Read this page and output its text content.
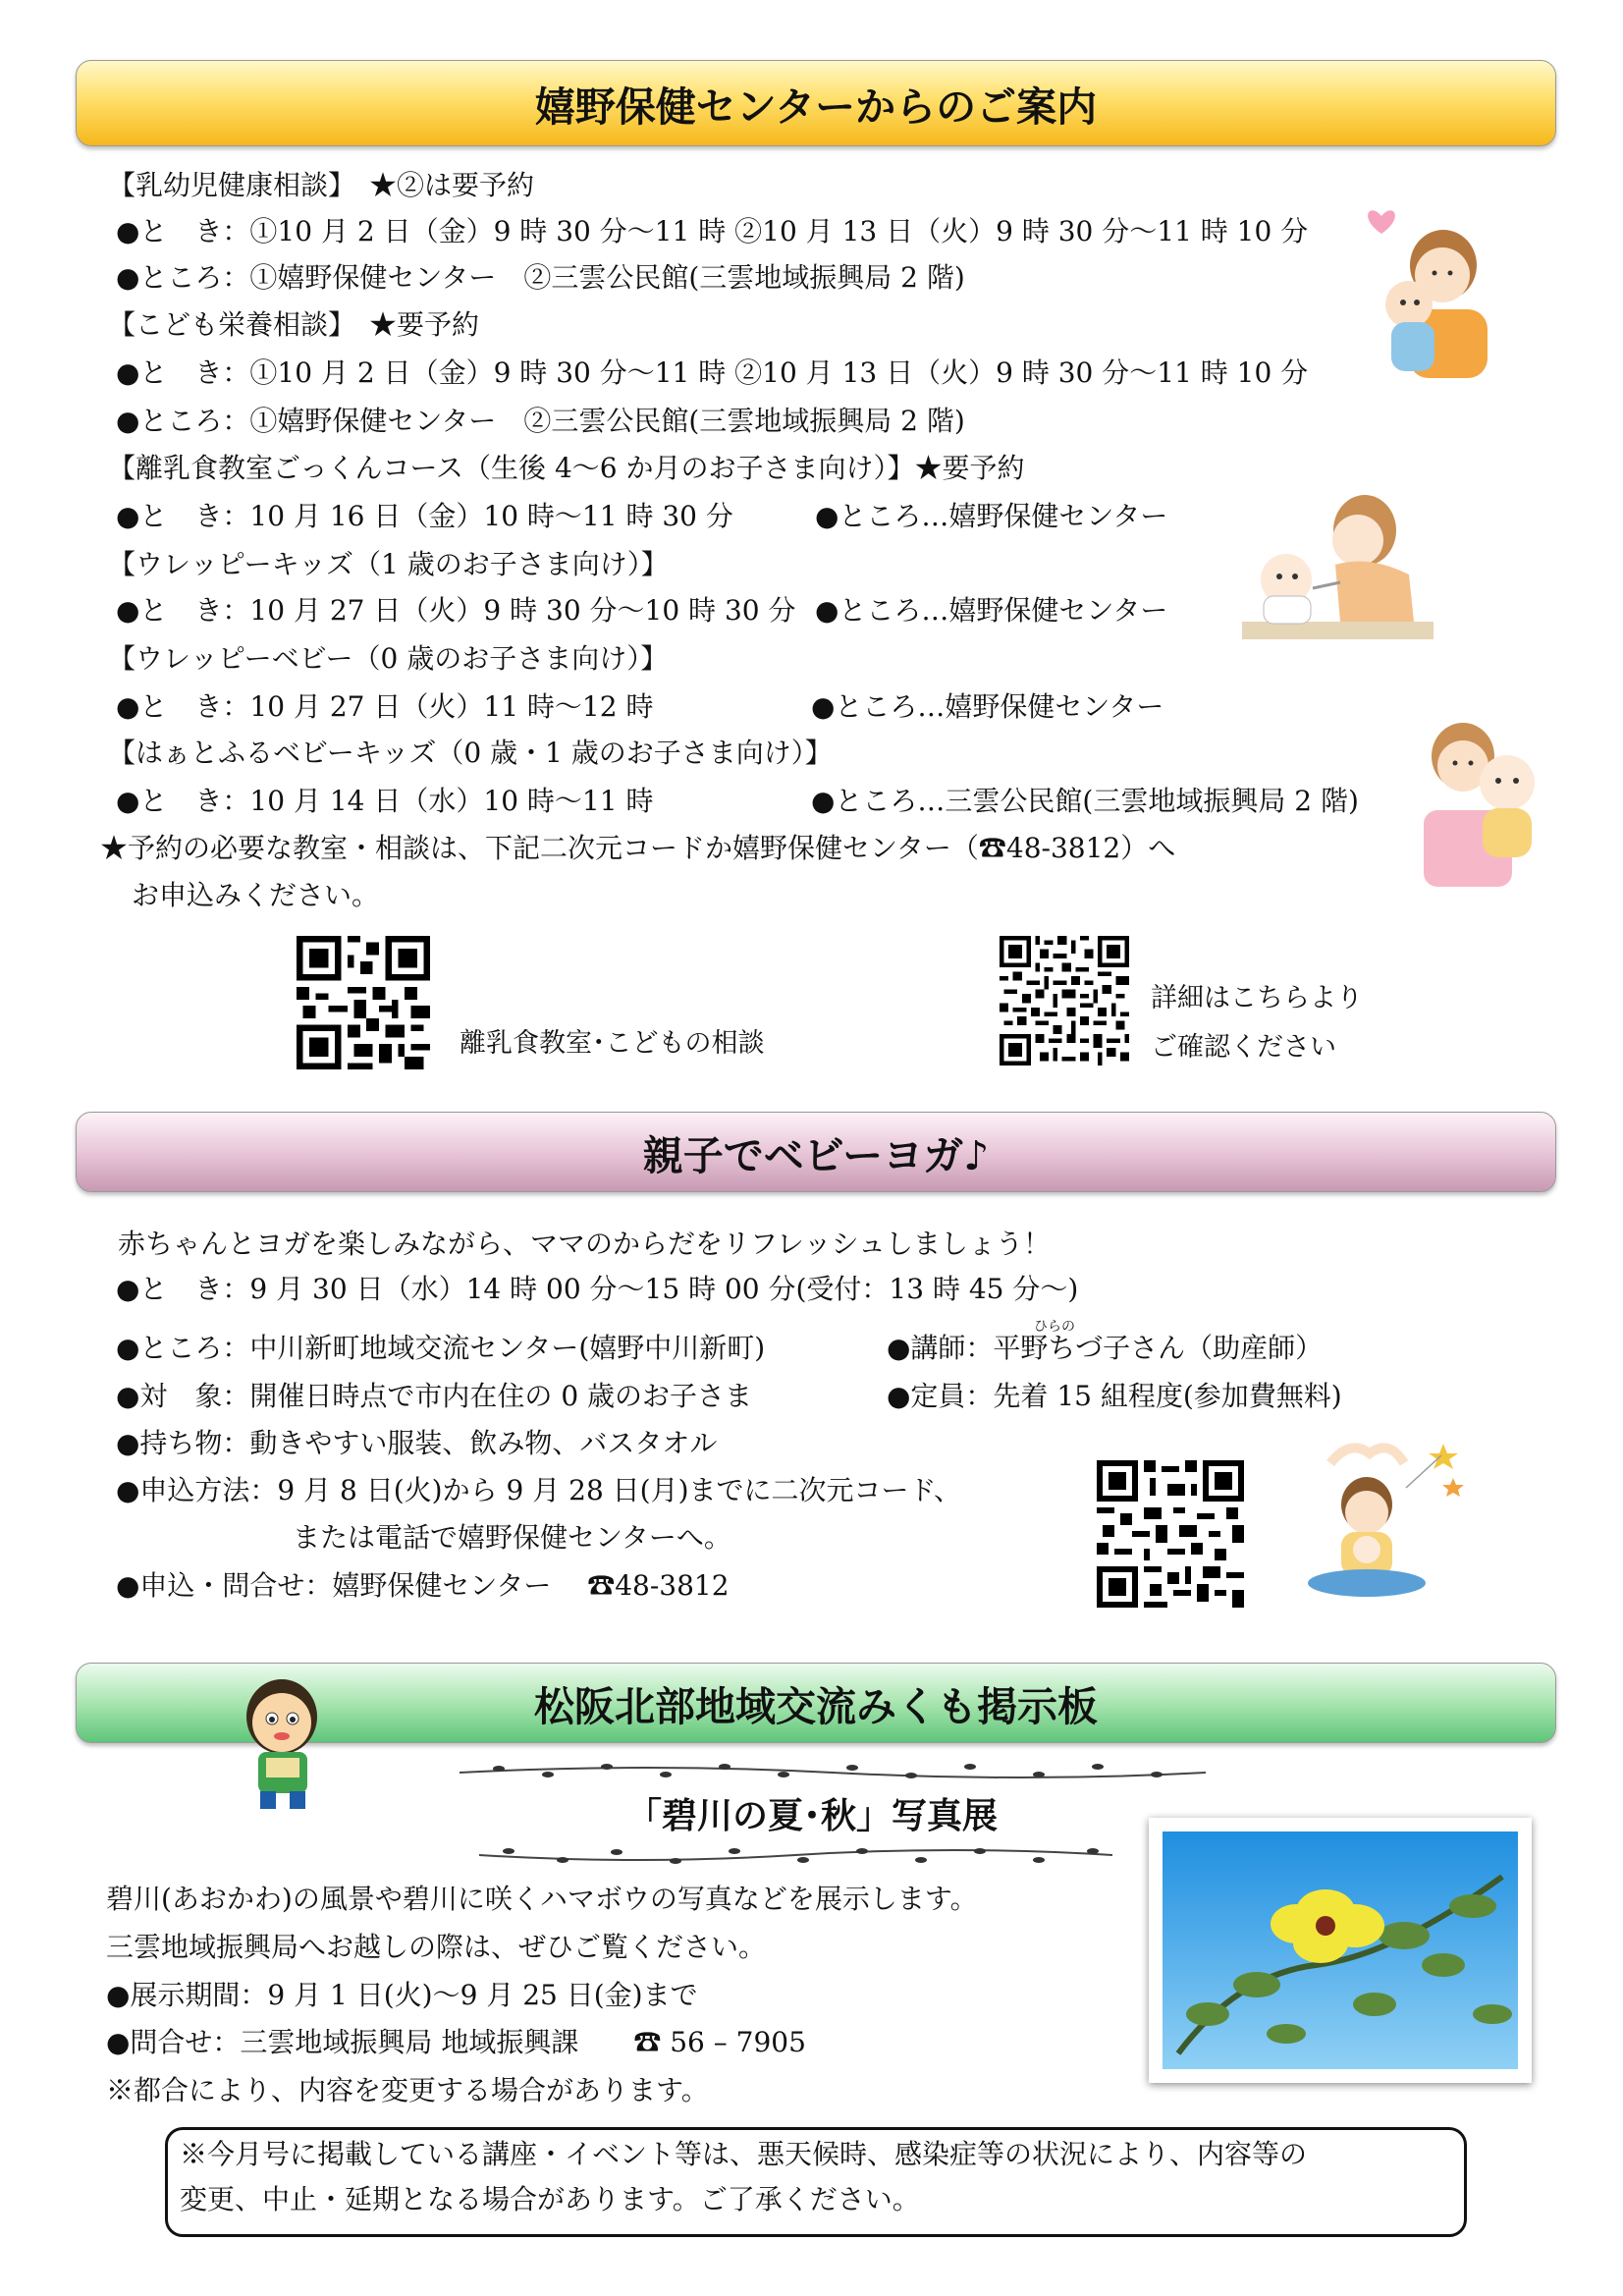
嬉野保健センターからのご案内
【乳幼児健康相談】　★②は要予約
●と　き：①10 月 2 日（金）9 時 30 分～11 時 ②10 月 13 日（火）9 時 30 分～11 時 10 分
●ところ：①嬉野保健センター　②三雲公民館(三雲地域振興局 2 階)
【こども栄養相談】　★要予約
●と　き：①10 月 2 日（金）9 時 30 分～11 時 ②10 月 13 日（火）9 時 30 分～11 時 10 分
●ところ：①嬉野保健センター　②三雲公民館(三雲地域振興局 2 階)
【離乳食教室ごっくんコース（生後 4～6 か月のお子さま向け）】★要予約
●と　き：10 月 16 日（金）10 時～11 時 30 分	●ところ…嬉野保健センター
【ウレッピーキッズ（1 歳のお子さま向け）】
●と　き：10 月 27 日（火）9 時 30 分～10 時 30 分 ●ところ…嬉野保健センター
【ウレッピーベビー（0 歳のお子さま向け）】
●と　き：10 月 27 日（火）11 時～12 時	●ところ…嬉野保健センター
【はぁとふるベビーキッズ（0 歳・1 歳のお子さま向け）】
●と　き：10 月 14 日（水）10 時～11 時	●ところ…三雲公民館(三雲地域振興局 2 階)
★予約の必要な教室・相談は、下記二次元コードか嬉野保健センター（☎48-3812）へ
お申込みください。
離乳食教室･こどもの相談
詳細はこちらより
ご確認ください
親子でベビーヨガ♪
赤ちゃんとヨガを楽しみながら、ママのからだをリフレッシュしましょう！
●と　き：9 月 30 日（水）14 時 00 分～15 時 00 分(受付：13 時 45 分～)
●ところ：中川新町地域交流センター(嬉野中川新町)
ひらの
●講師：平野ちづ子さん（助産師）
●対　象：開催日時点で市内在住の 0 歳のお子さま	●定員：先着 15 組程度(参加費無料)
●持ち物：動きやすい服装、飲み物、バスタオル
●申込方法：9 月 8 日(火)から 9 月 28 日(月)までに二次元コード、
または電話で嬉野保健センターへ。
●申込・問合せ：嬉野保健センター　 ☎48-3812
松阪北部地域交流みくも掲示板
「碧川の夏･秋」写真展
碧川(あおかわ)の風景や碧川に咲くハマボウの写真などを展示します。
三雲地域振興局へお越しの際は、ぜひご覧ください。
●展示期間：9 月 1 日(火)～9 月 25 日(金)まで
●問合せ：三雲地域振興局 地域振興課　　☎ 56 – 7905
※都合により、内容を変更する場合があります。
※今月号に掲載している講座・イベント等は、悪天候時、感染症等の状況により、内容等の
変更、中止・延期となる場合があります。ご了承ください。
